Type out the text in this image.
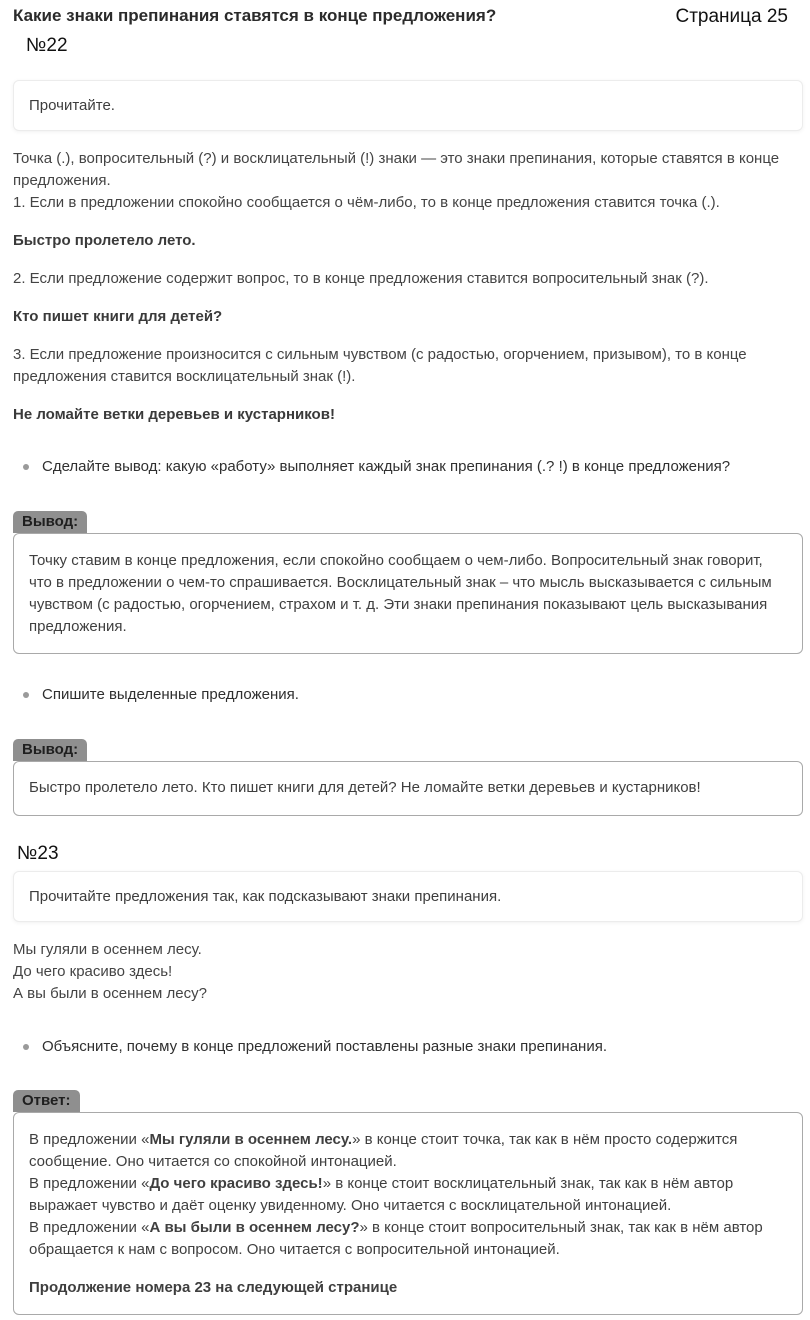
Какие знаки препинания ставятся в конце предложения?	Страница 25
№22
Прочитайте.
Точка (.), вопросительный (?) и восклицательный (!) знаки — это знаки препинания, которые ставятся в конце предложения.
1. Если в предложении спокойно сообщается о чём-либо, то в конце предложения ставится точка (.).
Быстро пролетело лето.
2. Если предложение содержит вопрос, то в конце предложения ставится вопросительный знак (?).
Кто пишет книги для детей?
3. Если предложение произносится с сильным чувством (с радостью, огорчением, призывом), то в конце предложения ставится восклицательный знак (!).
Не ломайте ветки деревьев и кустарников!
Сделайте вывод: какую «работу» выполняет каждый знак препинания (.? !) в конце предложения?
Вывод:
Точку ставим в конце предложения, если спокойно сообщаем о чем-либо. Вопросительный знак говорит, что в предложении о чем-то спрашивается. Восклицательный знак – что мысль высказывается с сильным чувством (с радостью, огорчением, страхом и т. д. Эти знаки препинания показывают цель высказывания предложения.
Спишите выделенные предложения.
Вывод:
Быстро пролетело лето. Кто пишет книги для детей? Не ломайте ветки деревьев и кустарников!
№23
Прочитайте предложения так, как подсказывают знаки препинания.
Мы гуляли в осеннем лесу.
До чего красиво здесь!
А вы были в осеннем лесу?
Объясните, почему в конце предложений поставлены разные знаки препинания.
Ответ:
В предложении «Мы гуляли в осеннем лесу.» в конце стоит точка, так как в нём просто содержится сообщение. Оно читается со спокойной интонацией.
В предложении «До чего красиво здесь!» в конце стоит восклицательный знак, так как в нём автор выражает чувство и даёт оценку увиденному. Оно читается с восклицательной интонацией.
В предложении «А вы были в осеннем лесу?» в конце стоит вопросительный знак, так как в нём автор обращается к нам с вопросом. Оно читается с вопросительной интонацией.
Продолжение номера 23 на следующей странице
